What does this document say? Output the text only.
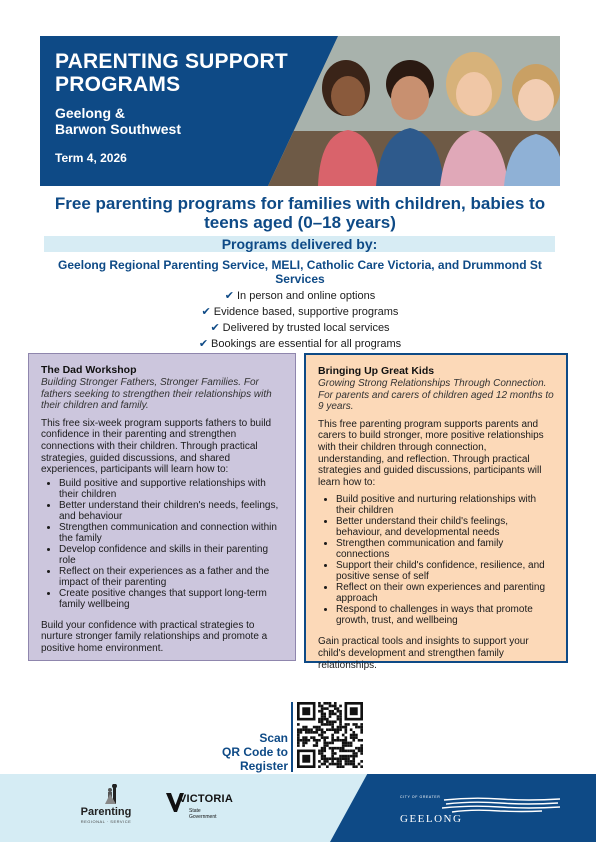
PARENTING SUPPORT
PROGRAMS
Geelong &
Barwon Southwest
Term 4, 2026
Free parenting programs for families with children, babies to teens aged (0–18 years)
Programs delivered by:
Geelong Regional Parenting Service, MELI, Catholic Care Victoria, and Drummond St Services
✔ In person and online options
✔ Evidence based, supportive programs
✔ Delivered by trusted local services
✔ Bookings are essential for all programs
The Dad Workshop
Building Stronger Fathers, Stronger Families. For fathers seeking to strengthen their relationships with their children and family.

This free six-week program supports fathers to build confidence in their parenting and strengthen connections with their children. Through practical strategies, guided discussions, and shared experiences, participants will learn how to:

• Build positive and supportive relationships with their children
• Better understand their children's needs, feelings, and behaviour
• Strengthen communication and connection within the family
• Develop confidence and skills in their parenting role
• Reflect on their experiences as a father and the impact of their parenting
• Create positive changes that support long-term family wellbeing

Build your confidence with practical strategies to nurture stronger family relationships and promote a positive home environment.

Bringing Up Great Kids
Growing Strong Relationships Through Connection. For parents and carers of children aged 12 months to 9 years.

This free parenting program supports parents and carers to build stronger, more positive relationships with their children through connection, understanding, and reflection. Through practical strategies and guided discussions, participants will learn how to:

• Build positive and nurturing relationships with their children
• Better understand their child's feelings, behaviour, and developmental needs
• Strengthen communication and family connections
• Support their child's confidence, resilience, and positive sense of self
• Reflect on their own experiences and parenting approach
• Respond to challenges in ways that promote growth, trust, and wellbeing

Gain practical tools and insights to support your child's development and strengthen family relationships.

Scan
QR Code to
Register
Parenting
REGIONAL · SERVICE
VICTORIA
State
Government
CITY OF GREATER
GEELONG
